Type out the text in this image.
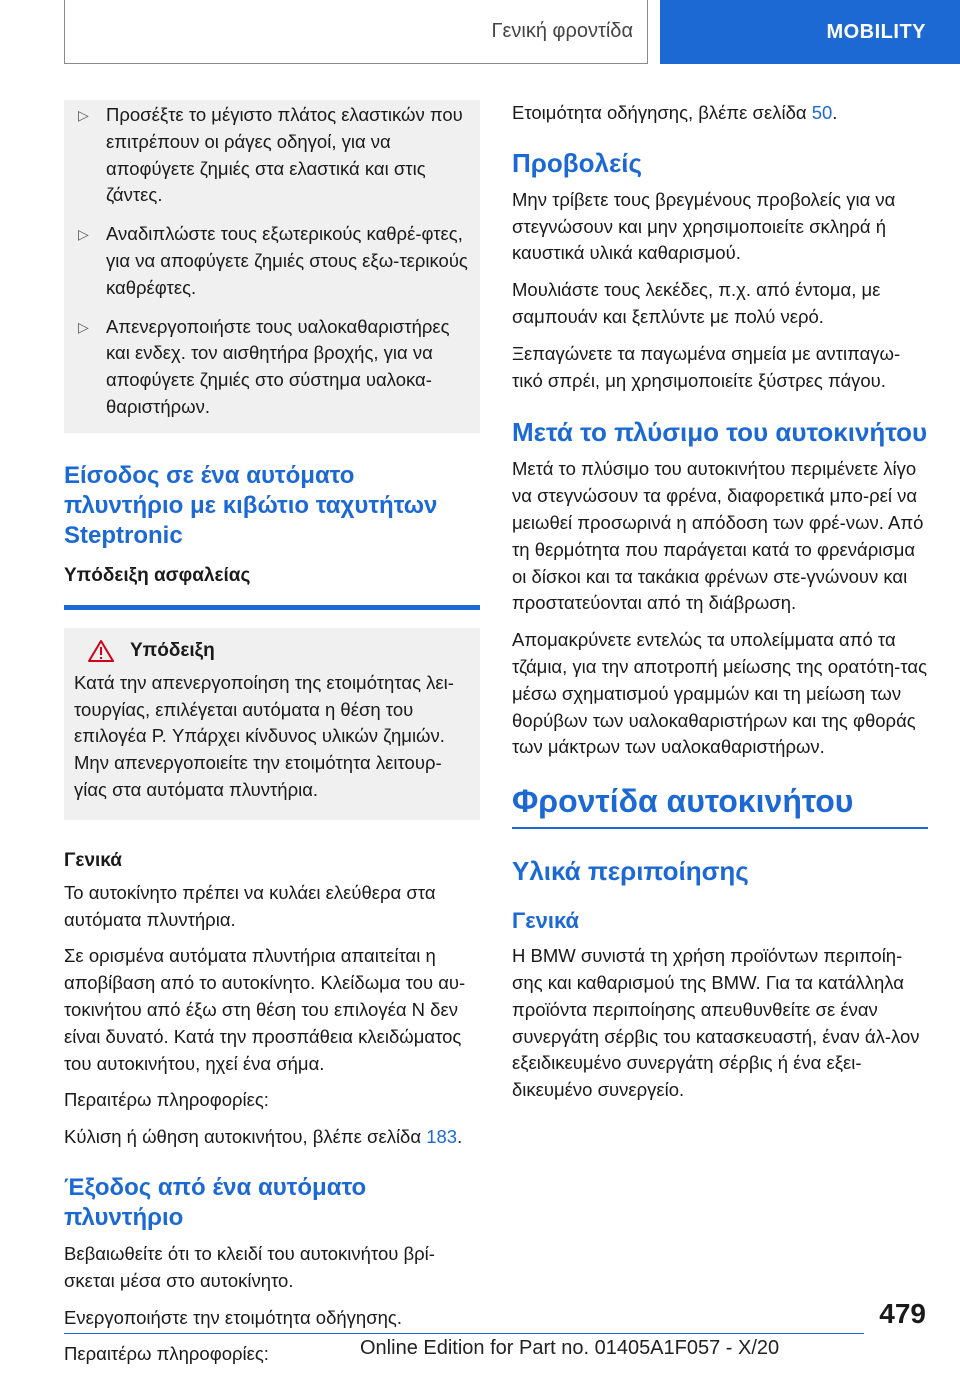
Γενική φροντίδα	MOBILITY
▷ Προσέξτε το μέγιστο πλάτος ελαστικών που επιτρέπουν οι ράγες οδηγοί, για να αποφύγετε ζημιές στα ελαστικά και στις ζάντες.
▷ Αναδιπλώστε τους εξωτερικούς καθρέ-φτες, για να αποφύγετε ζημιές στους εξω-τερικούς καθρέφτες.
▷ Απενεργοποιήστε τους υαλοκαθαριστήρες και ενδεχ. τον αισθητήρα βροχής, για να αποφύγετε ζημιές στο σύστημα υαλοκα-θαριστήρων.
Είσοδος σε ένα αυτόματο πλυντήριο με κιβώτιο ταχυτήτων Steptronic
Υπόδειξη ασφαλείας
Υπόδειξη

Κατά την απενεργοποίηση της ετοιμότητας λει-τουργίας, επιλέγεται αυτόματα η θέση του επιλογέα P. Υπάρχει κίνδυνος υλικών ζημιών. Μην απενεργοποιείτε την ετοιμότητα λειτουρ-γίας στα αυτόματα πλυντήρια.

Γενικά

Το αυτοκίνητο πρέπει να κυλάει ελεύθερα στα αυτόματα πλυντήρια.

Σε ορισμένα αυτόματα πλυντήρια απαιτείται η αποβίβαση από το αυτοκίνητο. Κλείδωμα του αυ-τοκινήτου από έξω στη θέση του επιλογέα N δεν είναι δυνατό. Κατά την προσπάθεια κλειδώματος του αυτοκινήτου, ηχεί ένα σήμα.

Περαιτέρω πληροφορίες:

Κύλιση ή ώθηση αυτοκινήτου, βλέπε σελίδα 183.

Έξοδος από ένα αυτόματο πλυντήριο

Βεβαιωθείτε ότι το κλειδί του αυτοκινήτου βρί-σκεται μέσα στο αυτοκίνητο.

Ενεργοποιήστε την ετοιμότητα οδήγησης.

Περαιτέρω πληροφορίες:

Ετοιμότητα οδήγησης, βλέπε σελίδα 50.

Προβολείς

Μην τρίβετε τους βρεγμένους προβολείς για να στεγνώσουν και μην χρησιμοποιείτε σκληρά ή καυστικά υλικά καθαρισμού.

Μουλιάστε τους λεκέδες, π.χ. από έντομα, με σαμπουάν και ξεπλύντε με πολύ νερό.

Ξεπαγώνετε τα παγωμένα σημεία με αντιπαγω-τικό σπρέι, μη χρησιμοποιείτε ξύστρες πάγου.

Μετά το πλύσιμο του αυτοκινήτου

Μετά το πλύσιμο του αυτοκινήτου περιμένετε λίγο να στεγνώσουν τα φρένα, διαφορετικά μπο-ρεί να μειωθεί προσωρινά η απόδοση των φρέ-νων. Από τη θερμότητα που παράγεται κατά το φρενάρισμα οι δίσκοι και τα τακάκια φρένων στε-γνώνουν και προστατεύονται από τη διάβρωση.

Απομακρύνετε εντελώς τα υπολείμματα από τα τζάμια, για την αποτροπή μείωσης της ορατότη-τας μέσω σχηματισμού γραμμών και τη μείωση των θορύβων των υαλοκαθαριστήρων και της φθοράς των μάκτρων των υαλοκαθαριστήρων.

Φροντίδα αυτοκινήτου
Υλικά περιποίησης
Γενικά

Η BMW συνιστά τη χρήση προϊόντων περιποίη-σης και καθαρισμού της BMW. Για τα κατάλληλα προϊόντα περιποίησης απευθυνθείτε σε έναν συνεργάτη σέρβις του κατασκευαστή, έναν άλ-λον εξειδικευμένο συνεργάτη σέρβις ή ένα εξει-δικευμένο συνεργείο.

479
Online Edition for Part no. 01405A1F057 - X/20
